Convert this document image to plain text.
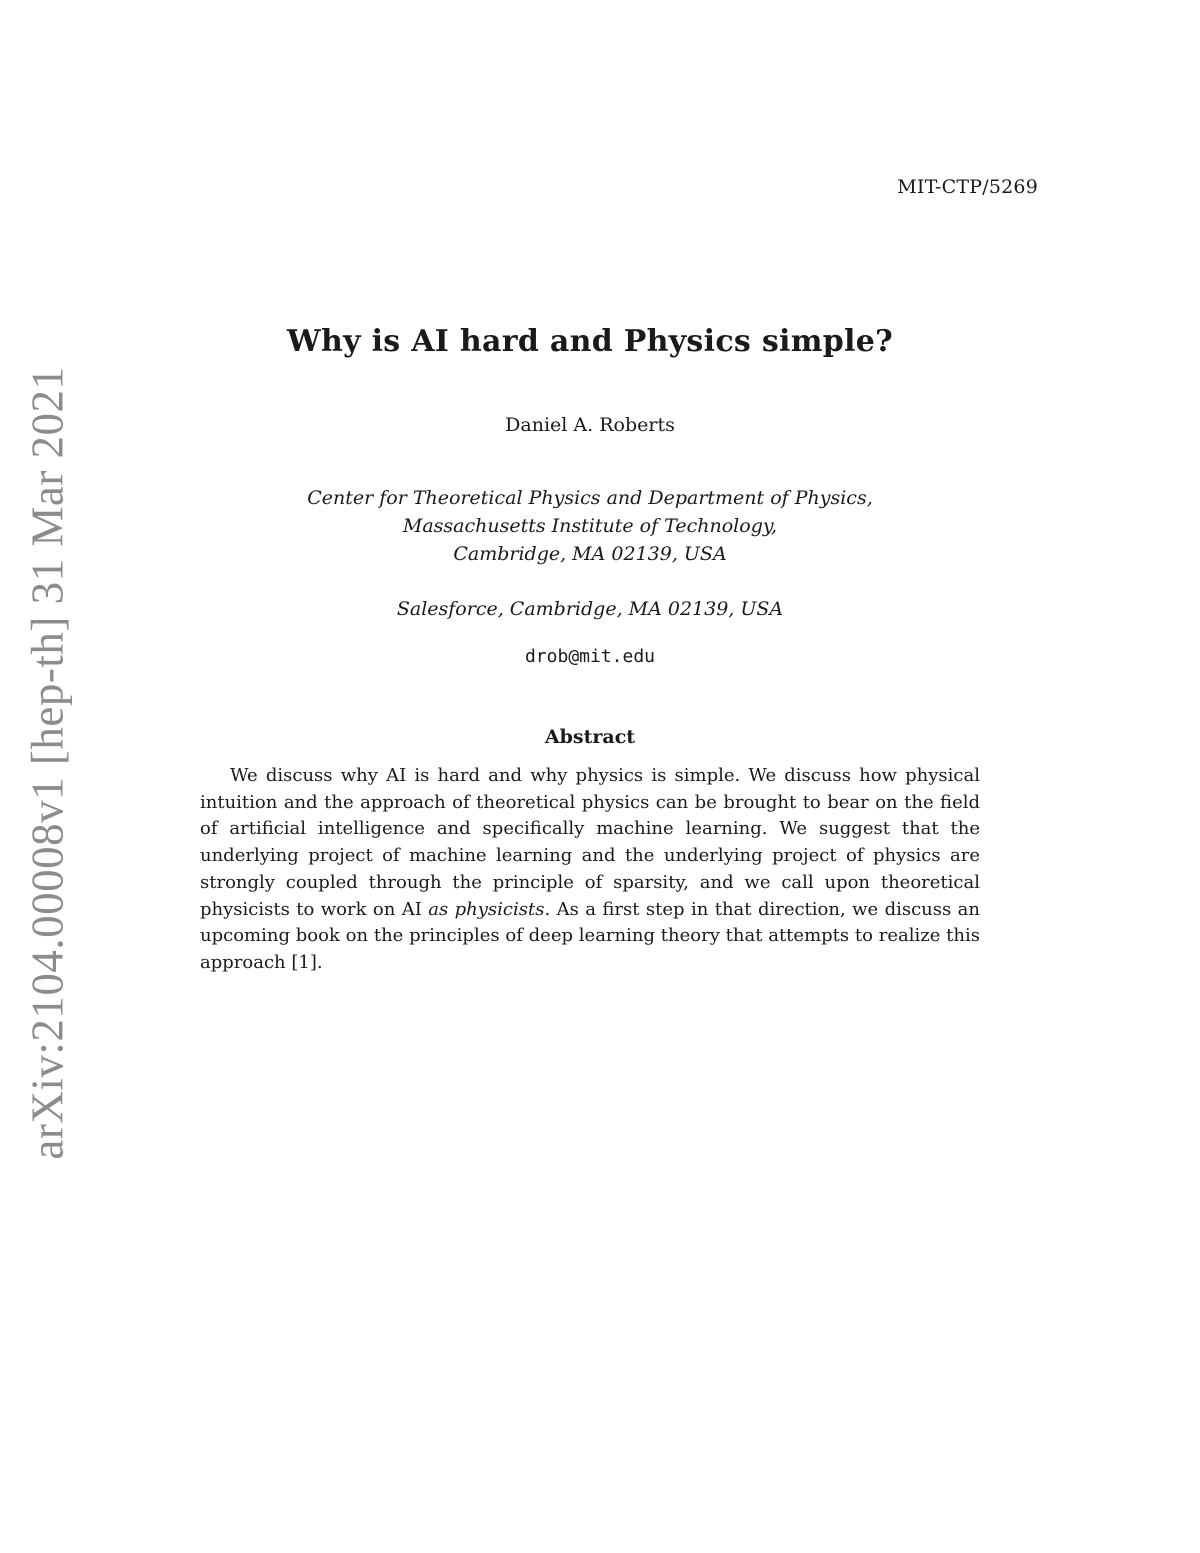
MIT-CTP/5269
arXiv:2104.00008v1 [hep-th] 31 Mar 2021
Why is AI hard and Physics simple?
Daniel A. Roberts
Center for Theoretical Physics and Department of Physics,
Massachusetts Institute of Technology,
Cambridge, MA 02139, USA
Salesforce, Cambridge, MA 02139, USA
drob@mit.edu
Abstract

We discuss why AI is hard and why physics is simple. We discuss how physical intuition and the approach of theoretical physics can be brought to bear on the field of artificial intelligence and specifically machine learning. We suggest that the underlying project of machine learning and the underlying project of physics are strongly coupled through the principle of sparsity, and we call upon theoretical physicists to work on AI as physicists. As a first step in that direction, we discuss an upcoming book on the principles of deep learning theory that attempts to realize this approach [1].
